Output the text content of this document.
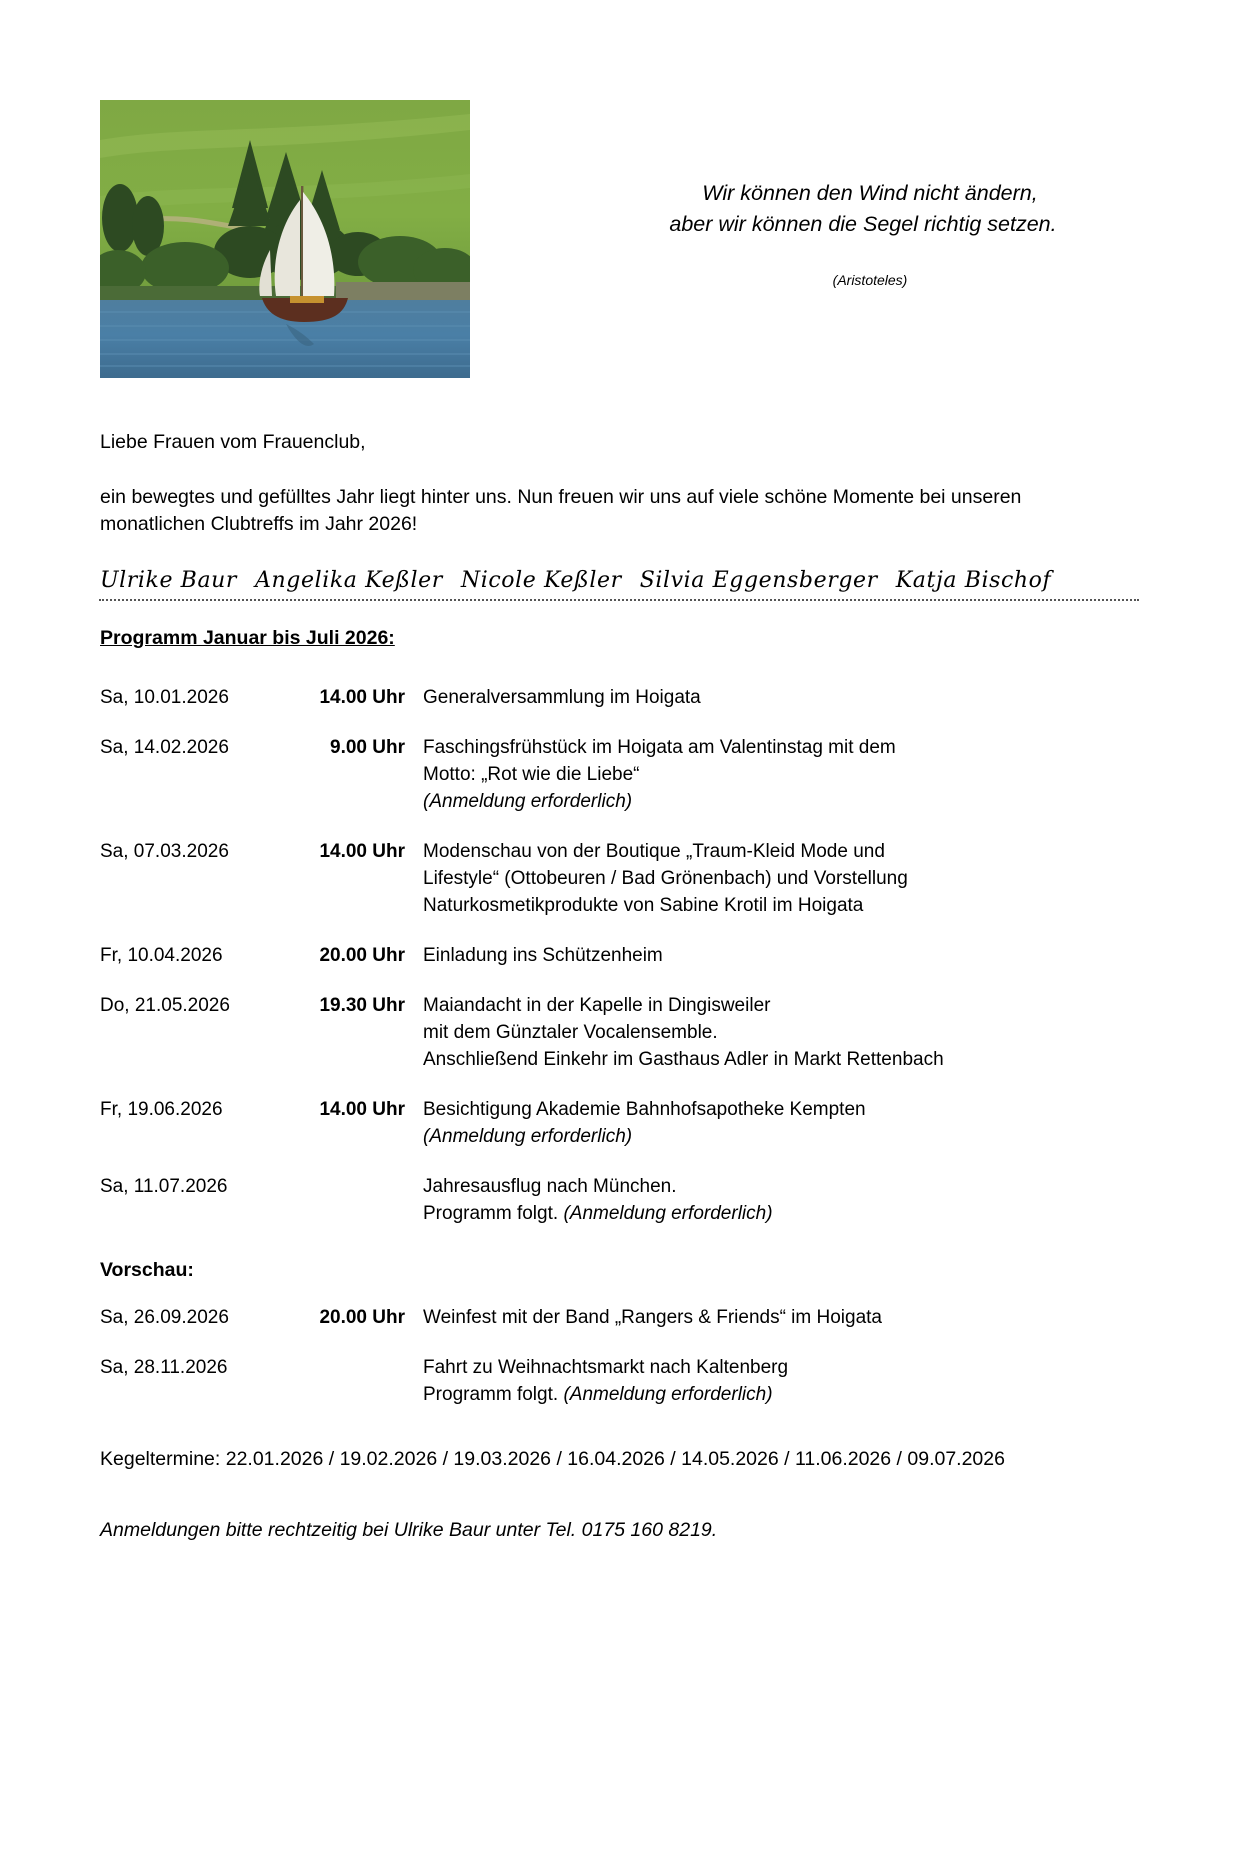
Wir können den Wind nicht ändern,
aber wir können die Segel richtig setzen.
(Aristoteles)
Liebe Frauen vom Frauenclub,
ein bewegtes und gefülltes Jahr liegt hinter uns. Nun freuen wir uns auf viele schöne Momente bei unseren monatlichen Clubtreffs im Jahr 2026!
Ulrike Baur Angelika Keßler Nicole Keßler Silvia Eggensberger Katja Bischof
Programm Januar bis Juli 2026:
Sa, 10.01.2026	14.00 Uhr Generalversammlung im Hoigata
Sa, 14.02.2026	9.00 Uhr Faschingsfrühstück im Hoigata am Valentinstag mit dem
Motto: „Rot wie die Liebe“
(Anmeldung erforderlich)
Sa, 07.03.2026	14.00 Uhr Modenschau von der Boutique „Traum-Kleid Mode und
Lifestyle“ (Ottobeuren / Bad Grönenbach) und Vorstellung
Naturkosmetikprodukte von Sabine Krotil im Hoigata
Fr, 10.04.2026	20.00 Uhr Einladung ins Schützenheim
Do, 21.05.2026	19.30 Uhr Maiandacht in der Kapelle in Dingisweiler
mit dem Günztaler Vocalensemble.
Anschließend Einkehr im Gasthaus Adler in Markt Rettenbach
Fr, 19.06.2026	14.00 Uhr Besichtigung Akademie Bahnhofsapotheke Kempten
(Anmeldung erforderlich)
Sa, 11.07.2026	Jahresausflug nach München.
Programm folgt. (Anmeldung erforderlich)
Vorschau:
Sa, 26.09.2026	20.00 Uhr Weinfest mit der Band „Rangers & Friends“ im Hoigata
Sa, 28.11.2026	Fahrt zu Weihnachtsmarkt nach Kaltenberg
Programm folgt. (Anmeldung erforderlich)
Kegeltermine: 22.01.2026 / 19.02.2026 / 19.03.2026 / 16.04.2026 / 14.05.2026 / 11.06.2026 / 09.07.2026
Anmeldungen bitte rechtzeitig bei Ulrike Baur unter Tel. 0175 160 8219.
